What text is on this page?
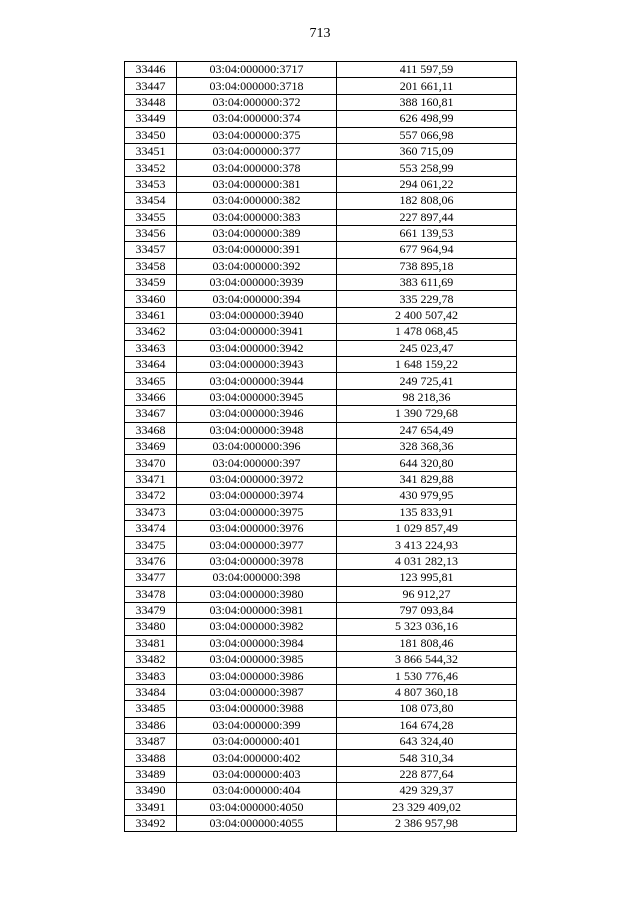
713
33446	03:04:000000:3717	411 597,59
33447	03:04:000000:3718	201 661,11
33448	03:04:000000:372	388 160,81
33449	03:04:000000:374	626 498,99
33450	03:04:000000:375	557 066,98
33451	03:04:000000:377	360 715,09
33452	03:04:000000:378	553 258,99
33453	03:04:000000:381	294 061,22
33454	03:04:000000:382	182 808,06
33455	03:04:000000:383	227 897,44
33456	03:04:000000:389	661 139,53
33457	03:04:000000:391	677 964,94
33458	03:04:000000:392	738 895,18
33459	03:04:000000:3939	383 611,69
33460	03:04:000000:394	335 229,78
33461	03:04:000000:3940	2 400 507,42
33462	03:04:000000:3941	1 478 068,45
33463	03:04:000000:3942	245 023,47
33464	03:04:000000:3943	1 648 159,22
33465	03:04:000000:3944	249 725,41
33466	03:04:000000:3945	98 218,36
33467	03:04:000000:3946	1 390 729,68
33468	03:04:000000:3948	247 654,49
33469	03:04:000000:396	328 368,36
33470	03:04:000000:397	644 320,80
33471	03:04:000000:3972	341 829,88
33472	03:04:000000:3974	430 979,95
33473	03:04:000000:3975	135 833,91
33474	03:04:000000:3976	1 029 857,49
33475	03:04:000000:3977	3 413 224,93
33476	03:04:000000:3978	4 031 282,13
33477	03:04:000000:398	123 995,81
33478	03:04:000000:3980	96 912,27
33479	03:04:000000:3981	797 093,84
33480	03:04:000000:3982	5 323 036,16
33481	03:04:000000:3984	181 808,46
33482	03:04:000000:3985	3 866 544,32
33483	03:04:000000:3986	1 530 776,46
33484	03:04:000000:3987	4 807 360,18
33485	03:04:000000:3988	108 073,80
33486	03:04:000000:399	164 674,28
33487	03:04:000000:401	643 324,40
33488	03:04:000000:402	548 310,34
33489	03:04:000000:403	228 877,64
33490	03:04:000000:404	429 329,37
33491	03:04:000000:4050	23 329 409,02
33492	03:04:000000:4055	2 386 957,98
